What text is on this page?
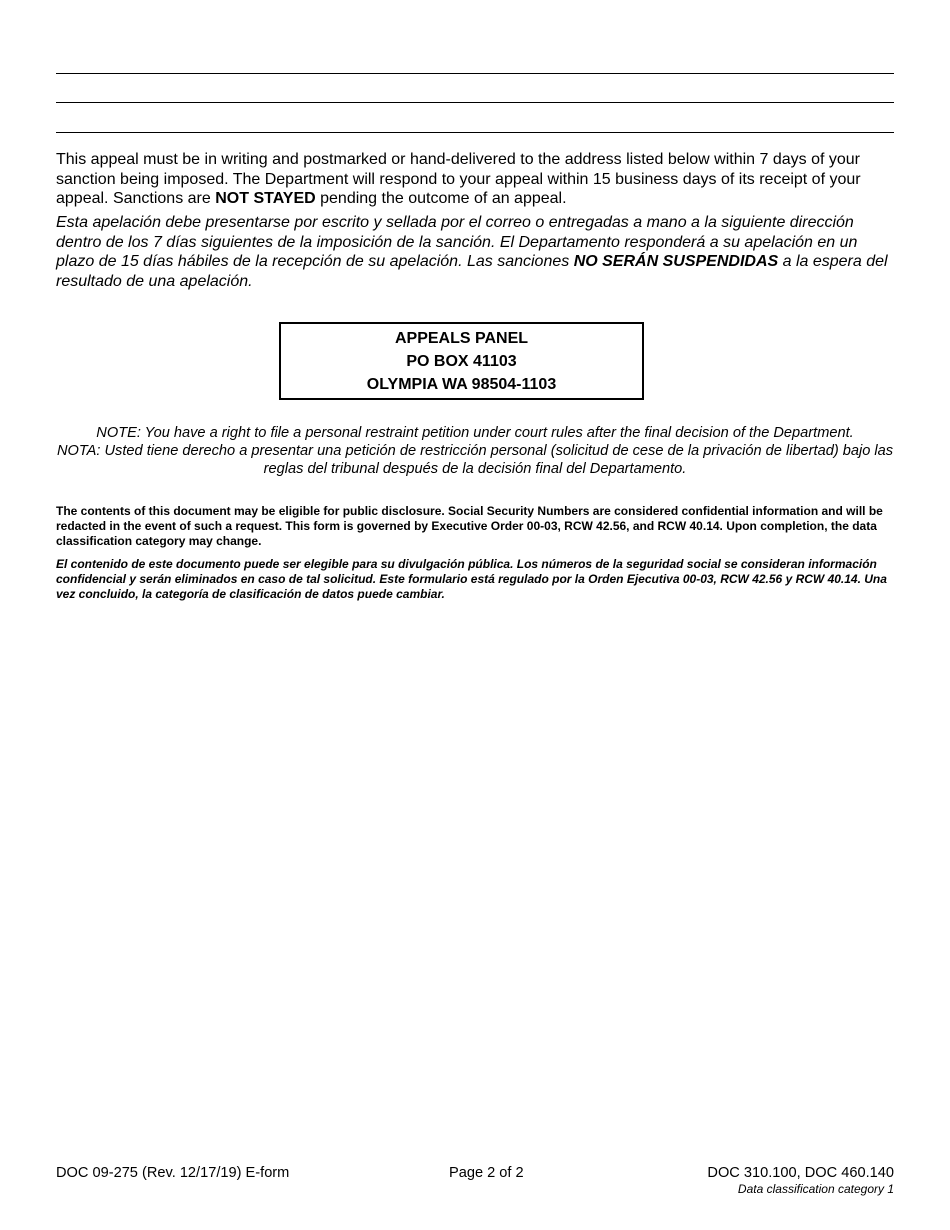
This appeal must be in writing and postmarked or hand-delivered to the address listed below within 7 days of your sanction being imposed. The Department will respond to your appeal within 15 business days of its receipt of your appeal. Sanctions are NOT STAYED pending the outcome of an appeal.
Esta apelación debe presentarse por escrito y sellada por el correo o entregadas a mano a la siguiente dirección dentro de los 7 días siguientes de la imposición de la sanción. El Departamento responderá a su apelación en un plazo de 15 días hábiles de la recepción de su apelación. Las sanciones NO SERÁN SUSPENDIDAS a la espera del resultado de una apelación.
APPEALS PANEL
PO BOX 41103
OLYMPIA WA 98504-1103
NOTE: You have a right to file a personal restraint petition under court rules after the final decision of the Department.
NOTA: Usted tiene derecho a presentar una petición de restricción personal (solicitud de cese de la privación de libertad) bajo las reglas del tribunal después de la decisión final del Departamento.
The contents of this document may be eligible for public disclosure. Social Security Numbers are considered confidential information and will be redacted in the event of such a request. This form is governed by Executive Order 00-03, RCW 42.56, and RCW 40.14. Upon completion, the data classification category may change.
El contenido de este documento puede ser elegible para su divulgación pública. Los números de la seguridad social se consideran información confidencial y serán eliminados en caso de tal solicitud. Este formulario está regulado por la Orden Ejecutiva 00-03, RCW 42.56 y RCW 40.14. Una vez concluido, la categoría de clasificación de datos puede cambiar.
DOC 09-275 (Rev. 12/17/19) E-form	Page 2 of 2	DOC 310.100, DOC 460.140
Data classification category 1
